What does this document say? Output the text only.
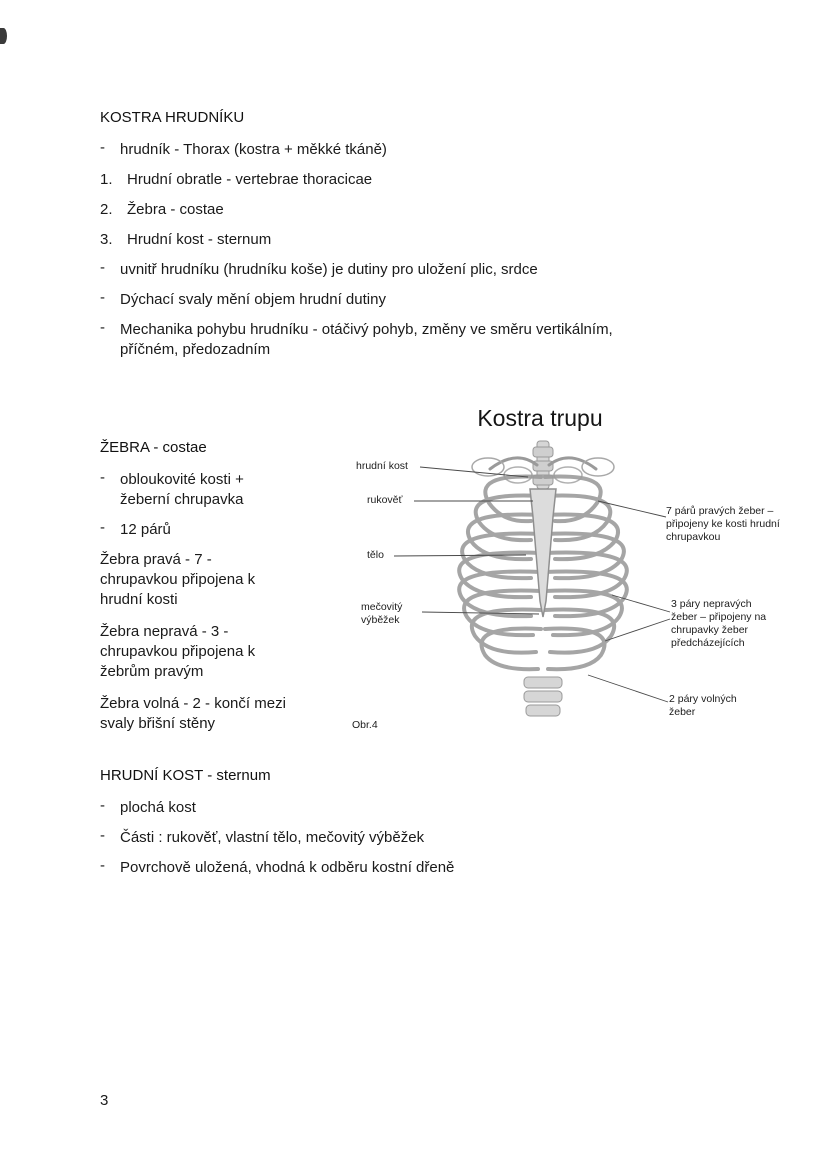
KOSTRA HRUDNÍKU

-	hrudník - Thorax (kostra + měkké tkáně)
1. Hrudní obratle - vertebrae thoracicae
2. Žebra - costae
3. Hrudní kost - sternum
-	uvnitř hrudníku (hrudníku koše) je dutiny pro uložení plic, srdce
-	Dýchací svaly mění objem hrudní dutiny
-	Mechanika pohybu hrudníku - otáčivý pohyb, změny ve směru vertikálním, příčném, předozadním

ŽEBRA - costae

-	obloukovité kosti + žeberní chrupavka
-	12 párů

Žebra pravá - 7 - chrupavkou připojena k hrudní kosti

Žebra nepravá - 3 - chrupavkou připojena k žebrům pravým

Žebra volná - 2 - končí mezi svaly břišní stěny

Kostra trupu
hrudní kost
rukověť
tělo
mečovitý výběžek
7 párů pravých žeber – připojeny ke kosti hrudní chrupavkou
3 páry nepravých žeber – připojeny na chrupavky žeber předcházejících
2 páry volných žeber
Obr.4

HRUDNÍ KOST - sternum

-	plochá kost
-	Části : rukověť, vlastní tělo, mečovitý výběžek
-	Povrchově uložená, vhodná k odběru kostní dřeně
3
